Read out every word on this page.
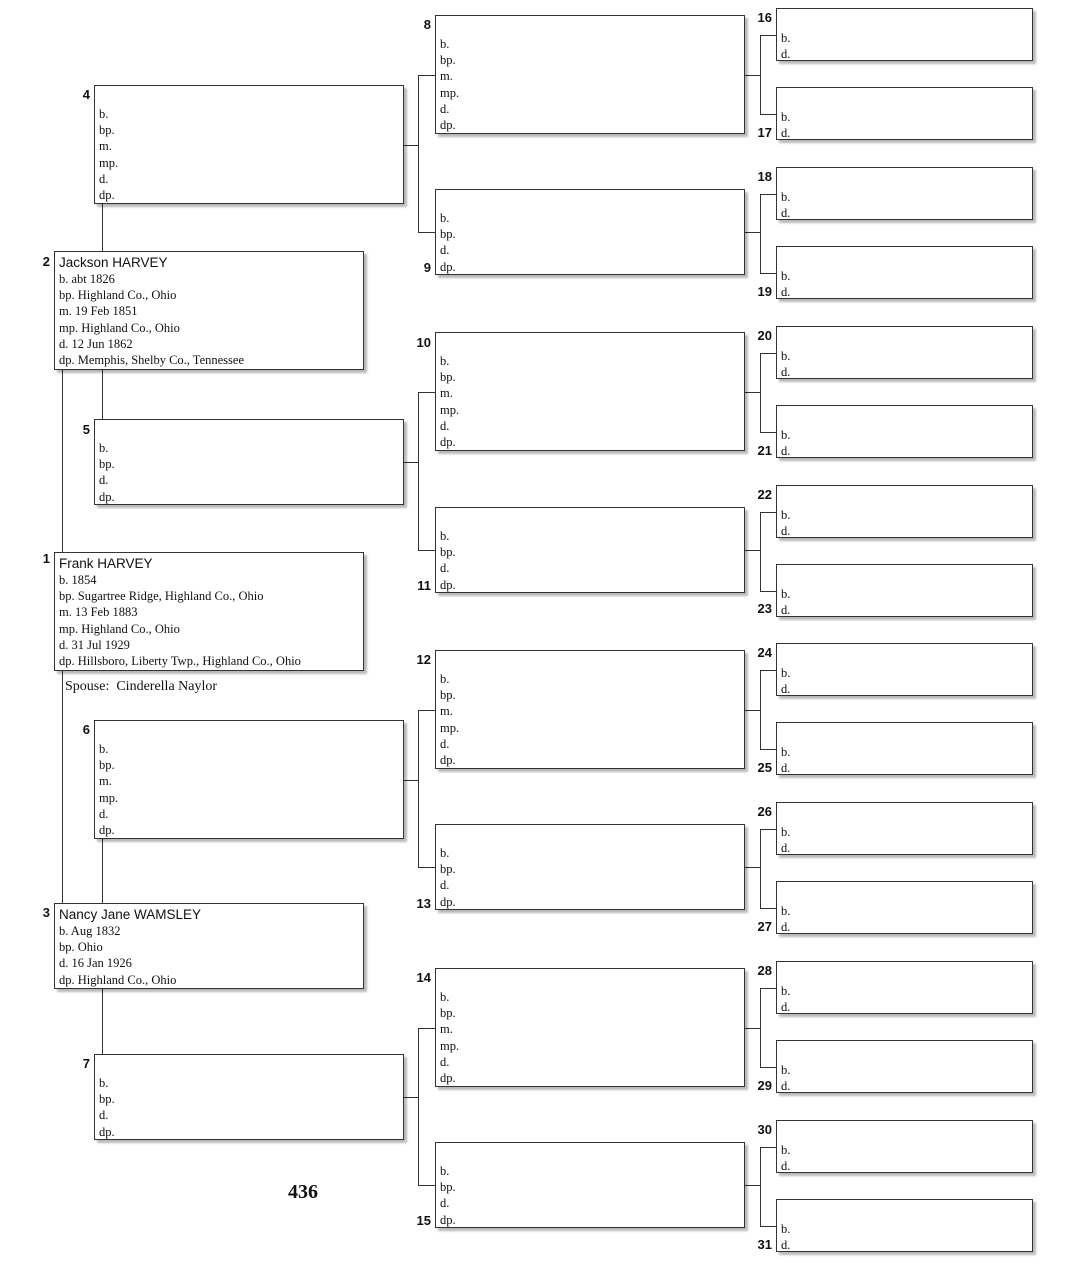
Spouse: Cinderella Naylor
436
Frank HARVEY
b. 1854
bp. Sugartree Ridge, Highland Co., Ohio
m. 13 Feb 1883
mp. Highland Co., Ohio
d. 31 Jul 1929
dp. Hillsboro, Liberty Twp., Highland Co., Ohio
1
Jackson HARVEY
b. abt 1826
bp. Highland Co., Ohio
m. 19 Feb 1851
mp. Highland Co., Ohio
d. 12 Jun 1862
dp. Memphis, Shelby Co., Tennessee
2
Nancy Jane WAMSLEY
b. Aug 1832
bp. Ohio
d. 16 Jan 1926
dp. Highland Co., Ohio
3
b.
bp.
m.
mp.
d.
dp.
4
b.
bp.
d.
dp.
5
b.
bp.
m.
mp.
d.
dp.
6
b.
bp.
d.
dp.
7
b.
bp.
m.
mp.
d.
dp.
8
b.
bp.
d.
dp.
9
b.
bp.
m.
mp.
d.
dp.
10
b.
bp.
d.
dp.
11
b.
bp.
m.
mp.
d.
dp.
12
b.
bp.
d.
dp.
13
b.
bp.
m.
mp.
d.
dp.
14
b.
bp.
d.
dp.
15
b.
d.
16
b.
d.
17
b.
d.
18
b.
d.
19
b.
d.
20
b.
d.
21
b.
d.
22
b.
d.
23
b.
d.
24
b.
d.
25
b.
d.
26
b.
d.
27
b.
d.
28
b.
d.
29
b.
d.
30
b.
d.
31
